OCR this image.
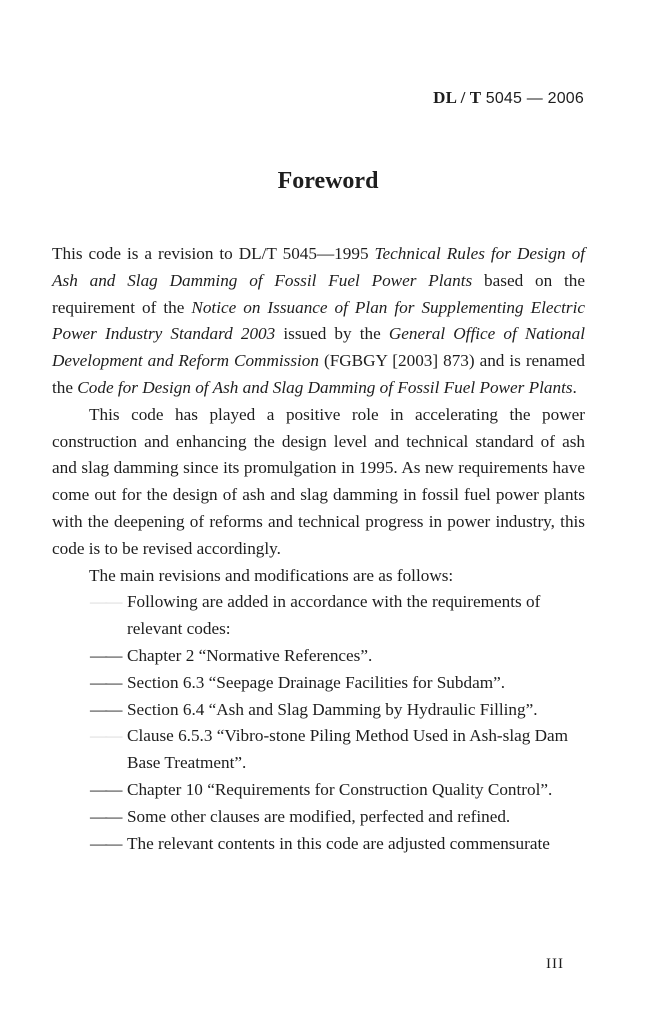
DL / T 5045 — 2006
Foreword

This code is a revision to DL/T 5045—1995 Technical Rules for Design of Ash and Slag Damming of Fossil Fuel Power Plants based on the requirement of the Notice on Issuance of Plan for Supplementing Electric Power Industry Standard 2003 issued by the General Office of National Development and Reform Commission (FGBGY [2003] 873) and is renamed the Code for Design of Ash and Slag Damming of Fossil Fuel Power Plants.

This code has played a positive role in accelerating the power construction and enhancing the design level and technical standard of ash and slag damming since its promulgation in 1995. As new requirements have come out for the design of ash and slag damming in fossil fuel power plants with the deepening of reforms and technical progress in power industry, this code is to be revised accordingly.

The main revisions and modifications are as follows:

—— Following are added in accordance with the requirements of relevant codes:
—— Chapter 2 “Normative References”.
—— Section 6.3 “Seepage Drainage Facilities for Subdam”.
—— Section 6.4 “Ash and Slag Damming by Hydraulic Filling”.
—— Clause 6.5.3 “Vibro-stone Piling Method Used in Ash-slag Dam Base Treatment”.
—— Chapter 10 “Requirements for Construction Quality Control”.
—— Some other clauses are modified, perfected and refined.
—— The relevant contents in this code are adjusted commensurate
III
